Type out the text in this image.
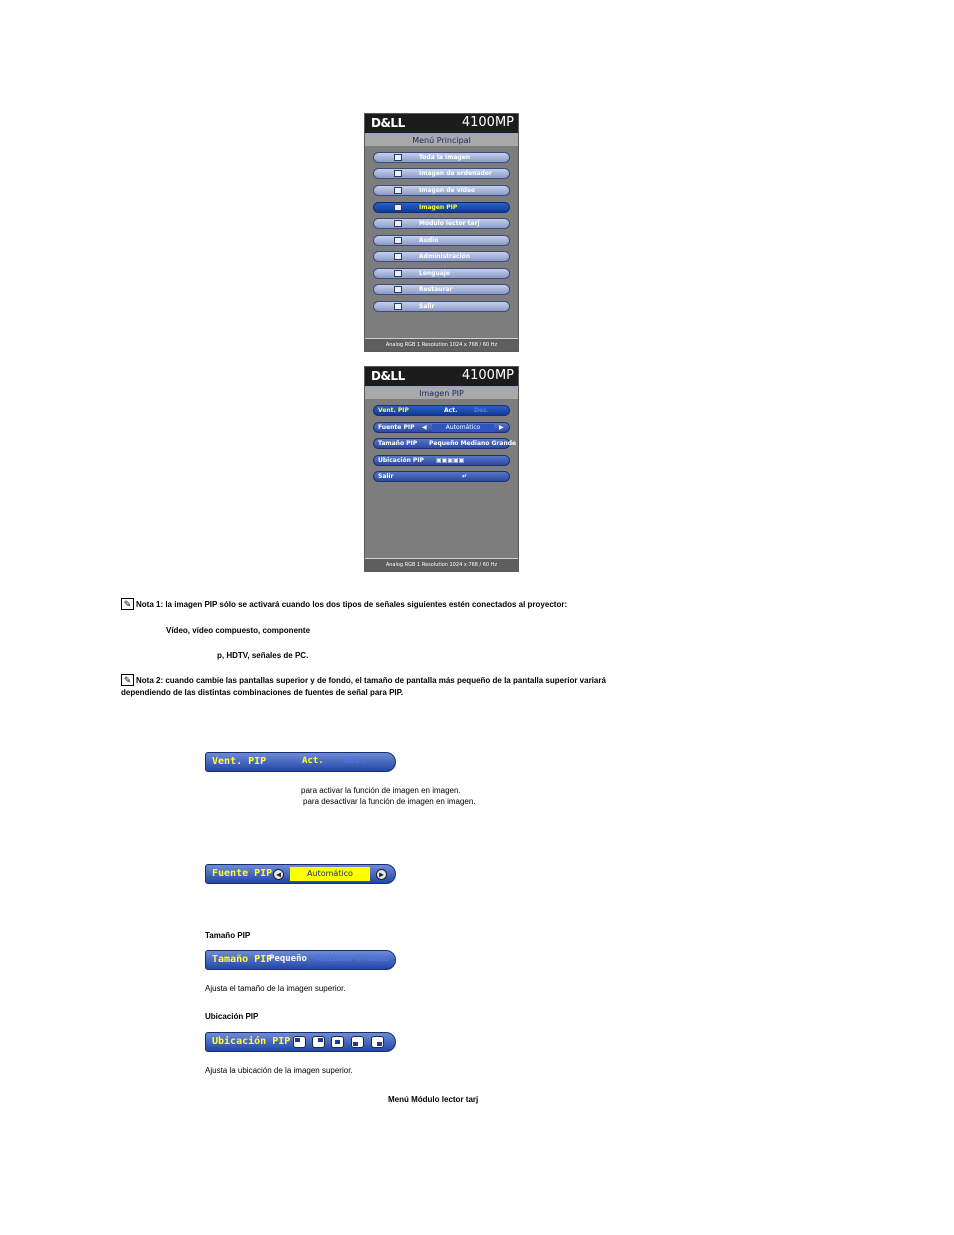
D&LL	4100MP
Menú Principal
Toda la imagen
Imagen de ordenador
Imagen de vídeo
Imagen PIP
Módulo lector tarj
Audio
Administración
Lenguaje
Restaurar
Salir
Analog RGB 1 Resolution 1024 x 768 / 60 Hz
D&LL	4100MP
Imagen PIP
Vent. PIP	Act.	Des.
Fuente PIP ◀	Automático	▶
Tamaño PIP Pequeño Mediano Grande
Ubicación PIP ▣▣▣▣▣
Salir	↵
Analog RGB 1 Resolution 1024 x 768 / 60 Hz
✎ Nota 1: la imagen PIP sólo se activará cuando los dos tipos de señales siguientes estén conectados al proyector:
Vídeo, vídeo compuesto, componente
p, HDTV, señales de PC.
✎ Nota 2: cuando cambie las pantallas superior y de fondo, el tamaño de pantalla más pequeño de la pantalla superior variará
dependiendo de las distintas combinaciones de fuentes de señal para PIP.
Vent. PIP	Act. Des.
para activar la función de imagen en imagen.
para desactivar la función de imagen en imagen.
Fuente PIP ◀	Automático	▶
Tamaño PIP
Tamaño PIP
Pequeño Mediano Grande
Ajusta el tamaño de la imagen superior.
Ubicación PIP
Ubicación PIP
Ajusta la ubicación de la imagen superior.
Menú Módulo lector tarj
